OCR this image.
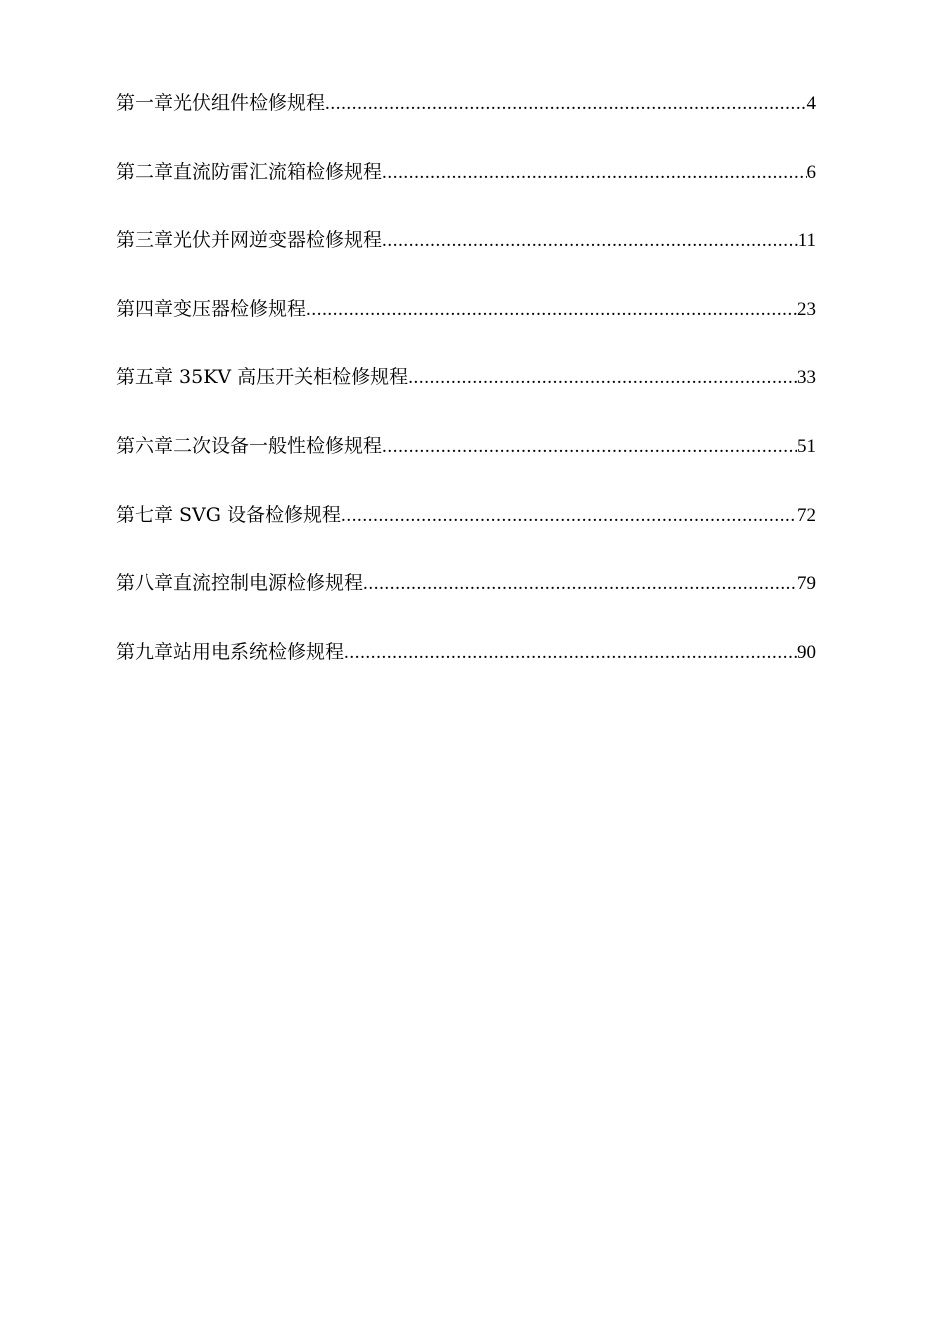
第一章光伏组件检修规程 .....	4
第二章直流防雷汇流箱检修规程 .....	6
第三章光伏并网逆变器检修规程 .....	11
第四章变压器检修规程 .....	23
第五章 35KV 高压开关柜检修规程 .....	33
第六章二次设备一般性检修规程 .....	51
第七章 SVG 设备检修规程 .....	72
第八章直流控制电源检修规程 .....	79
第九章站用电系统检修规程 .....	90
